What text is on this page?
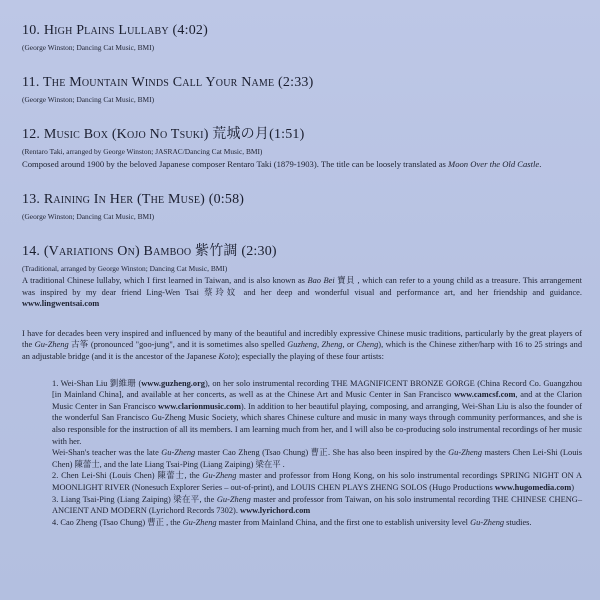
10. High Plains Lullaby (4:02)
(George Winston; Dancing Cat Music, BMI)
11. The Mountain Winds Call Your Name (2:33)
(George Winston; Dancing Cat Music, BMI)
12. Music Box (Kojo No Tsuki) 荒城の月(1:51)
(Rentaro Taki, arranged by George Winston; JASRAC/Dancing Cat Music, BMI)
Composed around 1900 by the beloved Japanese composer Rentaro Taki (1879-1903). The title can be loosely translated as Moon Over the Old Castle.
13. Raining In Her (The Muse) (0:58)
(George Winston; Dancing Cat Music, BMI)
14. (Variations On) Bamboo 紫竹調 (2:30)
(Traditional, arranged by George Winston; Dancing Cat Music, BMI)
A traditional Chinese lullaby, which I first learned in Taiwan, and is also known as Bao Bei 寶貝 , which can refer to a young child as a treasure. This arrangement was inspired by my dear friend Ling-Wen Tsai 蔡玲妏 and her deep and wonderful visual and performance art, and her friendship and guidance. www.lingwentsai.com
I have for decades been very inspired and influenced by many of the beautiful and incredibly expressive Chinese music traditions, particularly by the great players of the Gu-Zheng 古筝 (pronounced "goo-jung", and it is sometimes also spelled Guzheng, Zheng, or Cheng), which is the Chinese zither/harp with 16 to 25 strings and an adjustable bridge (and it is the ancestor of the Japanese Koto); especially the playing of these four artists:
1. Wei-Shan Liu 劉維珊 (www.guzheng.org), on her solo instrumental recording THE MAGNIFICENT BRONZE GORGE (China Record Co. Guangzhou [in Mainland China], and available at her concerts, as well as at the Chinese Art and Music Center in San Francisco www.camcsf.com, and at the Clarion Music Center in San Francisco www.clarionmusic.com). In addition to her beautiful playing, composing, and arranging, Wei-Shan Liu is also the founder of the wonderful San Francisco Gu-Zheng Music Society, which shares Chinese culture and music in many ways through community performances, and she is also responsible for the instruction of all its members. I am learning much from her, and I will also be co-producing solo instrumental recordings of her music with her.
Wei-Shan's teacher was the late Gu-Zheng master Cao Zheng (Tsao Chung) 曹正. She has also been inspired by the Gu-Zheng masters Chen Lei-Shi (Louis Chen) 陳蕾士, and the late Liang Tsai-Ping (Liang Zaiping) 梁在平 .
2. Chen Lei-Shi (Louis Chen) 陳蕾士, the Gu-Zheng master and professor from Hong Kong, on his solo instrumental recordings SPRING NIGHT ON A MOONLIGHT RIVER (Nonesuch Explorer Series – out-of-print), and LOUIS CHEN PLAYS ZHENG SOLOS (Hugo Productions www.hugomedia.com)
3. Liang Tsai-Ping (Liang Zaiping) 梁在平, the Gu-Zheng master and professor from Taiwan, on his solo instrumental recording THE CHINESE CHENG–ANCIENT AND MODERN (Lyrichord Records 7302). www.lyrichord.com
4. Cao Zheng (Tsao Chung) 曹正 , the Gu-Zheng master from Mainland China, and the first one to establish university level Gu-Zheng studies.
